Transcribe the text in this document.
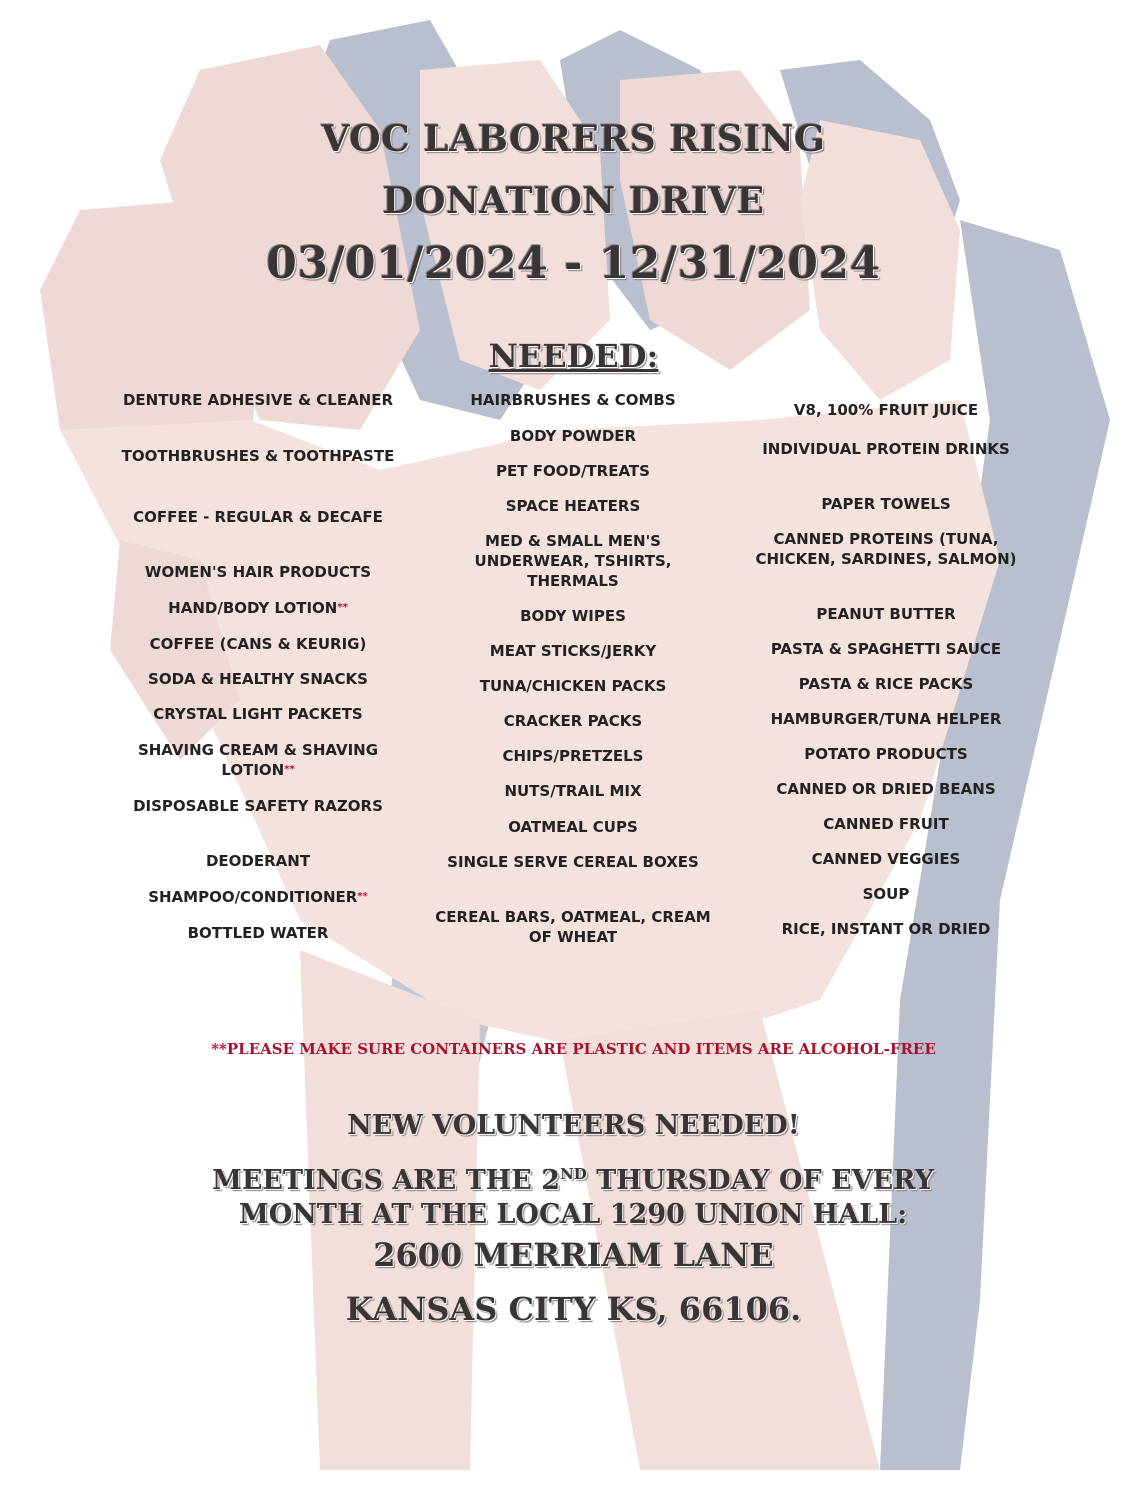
VOC LABORERS RISING
DONATION DRIVE
03/01/2024 - 12/31/2024
NEEDED:
DENTURE ADHESIVE & CLEANER
TOOTHBRUSHES & TOOTHPASTE
COFFEE - REGULAR & DECAFE
WOMEN'S HAIR PRODUCTS
HAND/BODY LOTION**
COFFEE (CANS & KEURIG)
SODA & HEALTHY SNACKS
CRYSTAL LIGHT PACKETS
SHAVING CREAM & SHAVING LOTION**
DISPOSABLE SAFETY RAZORS
DEODERANT
SHAMPOO/CONDITIONER**
BOTTLED WATER
HAIRBRUSHES & COMBS
BODY POWDER
PET FOOD/TREATS
SPACE HEATERS
MED & SMALL MEN'S UNDERWEAR, TSHIRTS, THERMALS
BODY WIPES
MEAT STICKS/JERKY
TUNA/CHICKEN PACKS
CRACKER PACKS
CHIPS/PRETZELS
NUTS/TRAIL MIX
OATMEAL CUPS
SINGLE SERVE CEREAL BOXES
CEREAL BARS, OATMEAL, CREAM OF WHEAT
V8, 100% FRUIT JUICE
INDIVIDUAL PROTEIN DRINKS
PAPER TOWELS
CANNED PROTEINS (TUNA, CHICKEN, SARDINES, SALMON)
PEANUT BUTTER
PASTA & SPAGHETTI SAUCE
PASTA & RICE PACKS
HAMBURGER/TUNA HELPER
POTATO PRODUCTS
CANNED OR DRIED BEANS
CANNED FRUIT
CANNED VEGGIES
SOUP
RICE, INSTANT OR DRIED
**PLEASE MAKE SURE CONTAINERS ARE PLASTIC AND ITEMS ARE ALCOHOL-FREE
NEW VOLUNTEERS NEEDED!
MEETINGS ARE THE 2ND THURSDAY OF EVERY MONTH AT THE LOCAL 1290 UNION HALL:
2600 MERRIAM LANE
KANSAS CITY KS, 66106.
